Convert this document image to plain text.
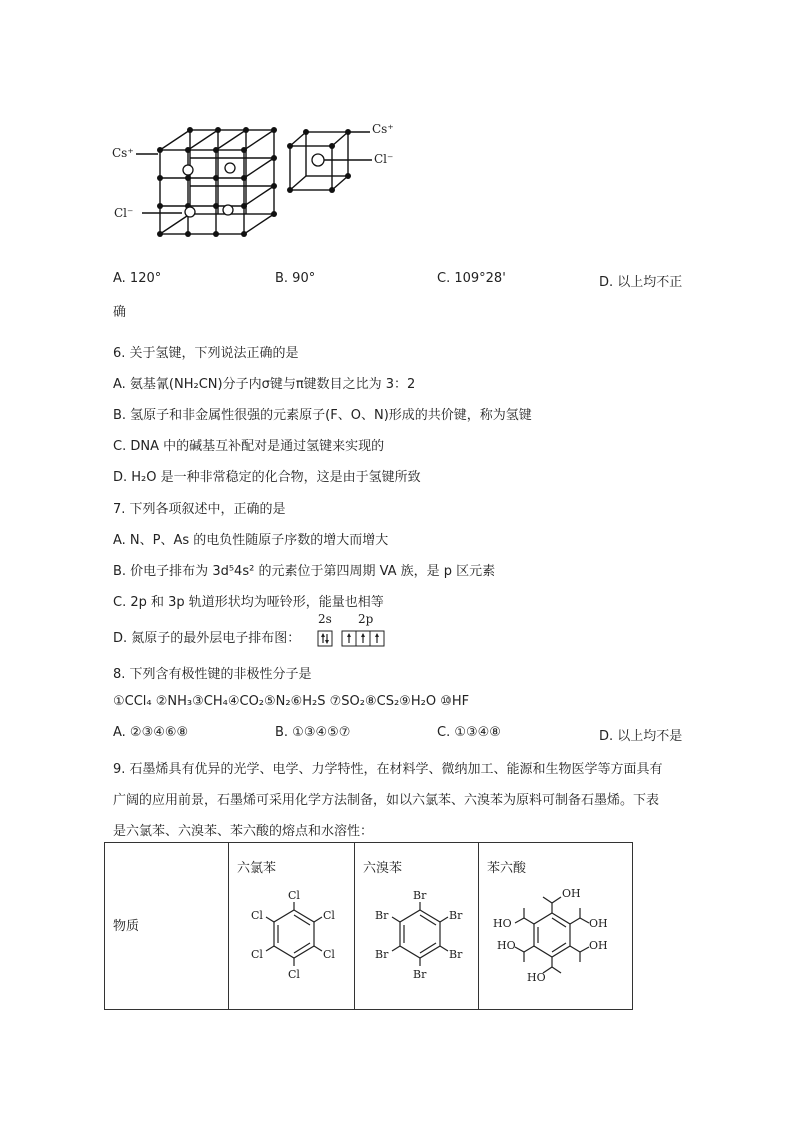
Cs⁺
Cl⁻
Cs⁺
Cl⁻
A. 120°	B. 90°	C. 109°28'	D. 以上均不正
确
6. 关于氢键，下列说法正确的是
A. 氨基氰(NH₂CN)分子内σ键与π键数目之比为 3：2
B. 氢原子和非金属性很强的元素原子(F、O、N)形成的共价键，称为氢键
C. DNA 中的碱基互补配对是通过氢键来实现的
D. H₂O 是一种非常稳定的化合物，这是由于氢键所致
7. 下列各项叙述中，正确的是
A. N、P、As 的电负性随原子序数的增大而增大
B. 价电子排布为 3d⁵4s² 的元素位于第四周期 VA 族，是 p 区元素
C. 2p 和 3p 轨道形状均为哑铃形，能量也相等
D. 氮原子的最外层电子排布图：
2s 2p
8. 下列含有极性键的非极性分子是
①CCl₄ ②NH₃③CH₄④CO₂⑤N₂⑥H₂S ⑦SO₂⑧CS₂⑨H₂O ⑩HF
A. ②③④⑥⑧	B. ①③④⑤⑦	C. ①③④⑧	D. 以上均不是
9. 石墨烯具有优异的光学、电学、力学特性，在材料学、微纳加工、能源和生物医学等方面具有
广阔的应用前景，石墨烯可采用化学方法制备，如以六氯苯、六溴苯为原料可制备石墨烯。下表
是六氯苯、六溴苯、苯六酸的熔点和水溶性：
物质

六氯苯
Cl
Cl
Cl
Cl
Cl
Cl

六溴苯
Br
Br
Br
Br
Br
Br

苯六酸
OH
OH
HO	OH
HO
HO
